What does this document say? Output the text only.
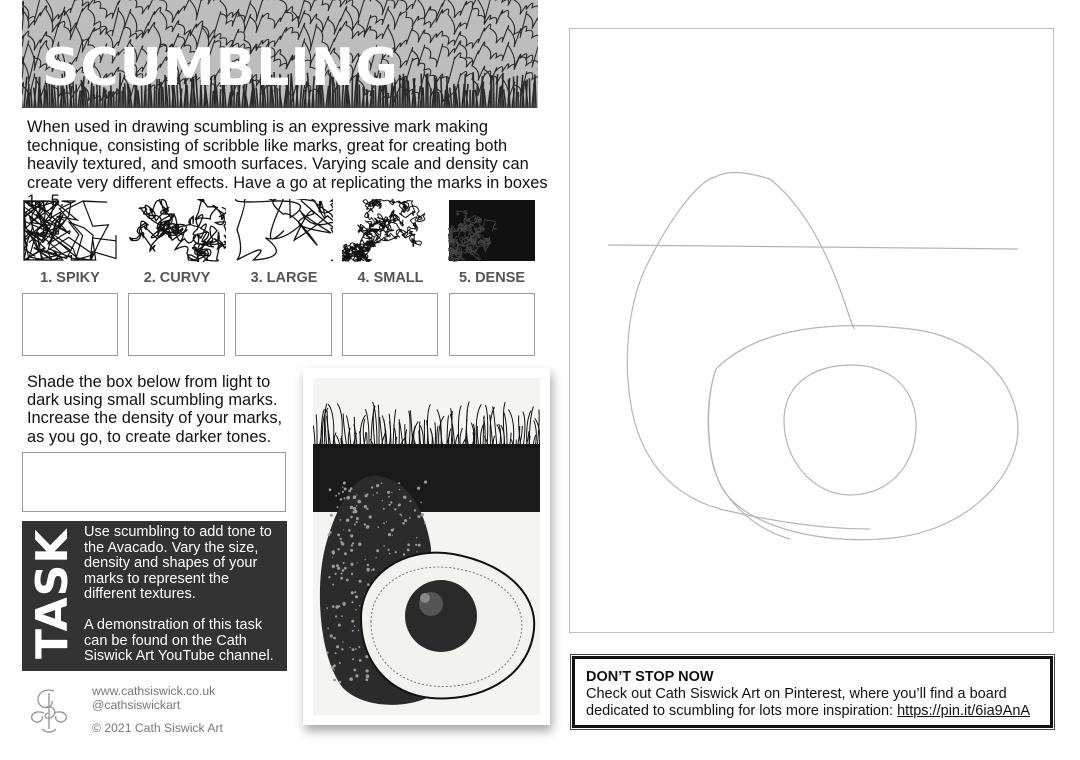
SCUMBLING
When used in drawing scumbling is an expressive mark making technique, consisting of scribble like marks, great for creating both heavily textured, and smooth surfaces. Varying scale and density can create very different effects. Have a go at replicating the marks in boxes 1 - 5.
1. SPIKY	2. CURVY	3. LARGE	4. SMALL	5. DENSE
Shade the box below from light to dark using small scumbling marks. Increase the density of your marks, as you go, to create darker tones.
TASK Use scumbling to add tone to the Avacado. Vary the size, density and shapes of your marks to represent the different textures.

A demonstration of this task can be found on the Cath Siswick Art YouTube channel.

www.cathsiswick.co.uk
@cathsiswickart
© 2021 Cath Siswick Art
DON’T STOP NOW
Check out Cath Siswick Art on Pinterest, where you’ll find a board dedicated to scumbling for lots more inspiration: https://pin.it/6ia9AnA
